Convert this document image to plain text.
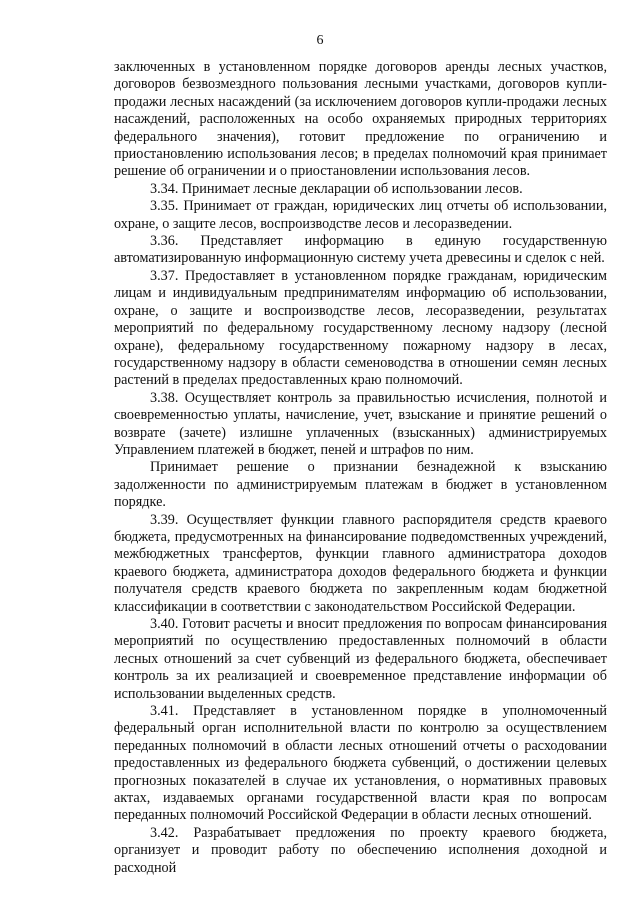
6

заключенных в установленном порядке договоров аренды лесных участков, договоров безвозмездного пользования лесными участками, договоров купли-продажи лесных насаждений (за исключением договоров купли-продажи лесных насаждений, расположенных на особо охраняемых природных территориях федерального значения), готовит предложение по ограничению и приостановлению использования лесов; в пределах полномочий края принимает решение об ограничении и о приостановлении использования лесов.

3.34. Принимает лесные декларации об использовании лесов.

3.35. Принимает от граждан, юридических лиц отчеты об использовании, охране, о защите лесов, воспроизводстве лесов и лесоразведении.

3.36. Представляет информацию в единую государственную автоматизированную информационную систему учета древесины и сделок с ней.

3.37. Предоставляет в установленном порядке гражданам, юридическим лицам и индивидуальным предпринимателям информацию об использовании, охране, о защите и воспроизводстве лесов, лесоразведении, результатах мероприятий по федеральному государственному лесному надзору (лесной охране), федеральному государственному пожарному надзору в лесах, государственному надзору в области семеноводства в отношении семян лесных растений в пределах предоставленных краю полномочий.

3.38. Осуществляет контроль за правильностью исчисления, полнотой и своевременностью уплаты, начисление, учет, взыскание и принятие решений о возврате (зачете) излишне уплаченных (взысканных) администрируемых Управлением платежей в бюджет, пеней и штрафов по ним.

Принимает решение о признании безнадежной к взысканию задолженности по администрируемым платежам в бюджет в установленном порядке.

3.39. Осуществляет функции главного распорядителя средств краевого бюджета, предусмотренных на финансирование подведомственных учреждений, межбюджетных трансфертов, функции главного администратора доходов краевого бюджета, администратора доходов федерального бюджета и функции получателя средств краевого бюджета по закрепленным кодам бюджетной классификации в соответствии с законодательством Российской Федерации.

3.40. Готовит расчеты и вносит предложения по вопросам финансирования мероприятий по осуществлению предоставленных полномочий в области лесных отношений за счет субвенций из федерального бюджета, обеспечивает контроль за их реализацией и своевременное представление информации об использовании выделенных средств.

3.41. Представляет в установленном порядке в уполномоченный федеральный орган исполнительной власти по контролю за осуществлением переданных полномочий в области лесных отношений отчеты о расходовании предоставленных из федерального бюджета субвенций, о достижении целевых прогнозных показателей в случае их установления, о нормативных правовых актах, издаваемых органами государственной власти края по вопросам переданных полномочий Российской Федерации в области лесных отношений.

3.42. Разрабатывает предложения по проекту краевого бюджета, организует и проводит работу по обеспечению исполнения доходной и расходной
